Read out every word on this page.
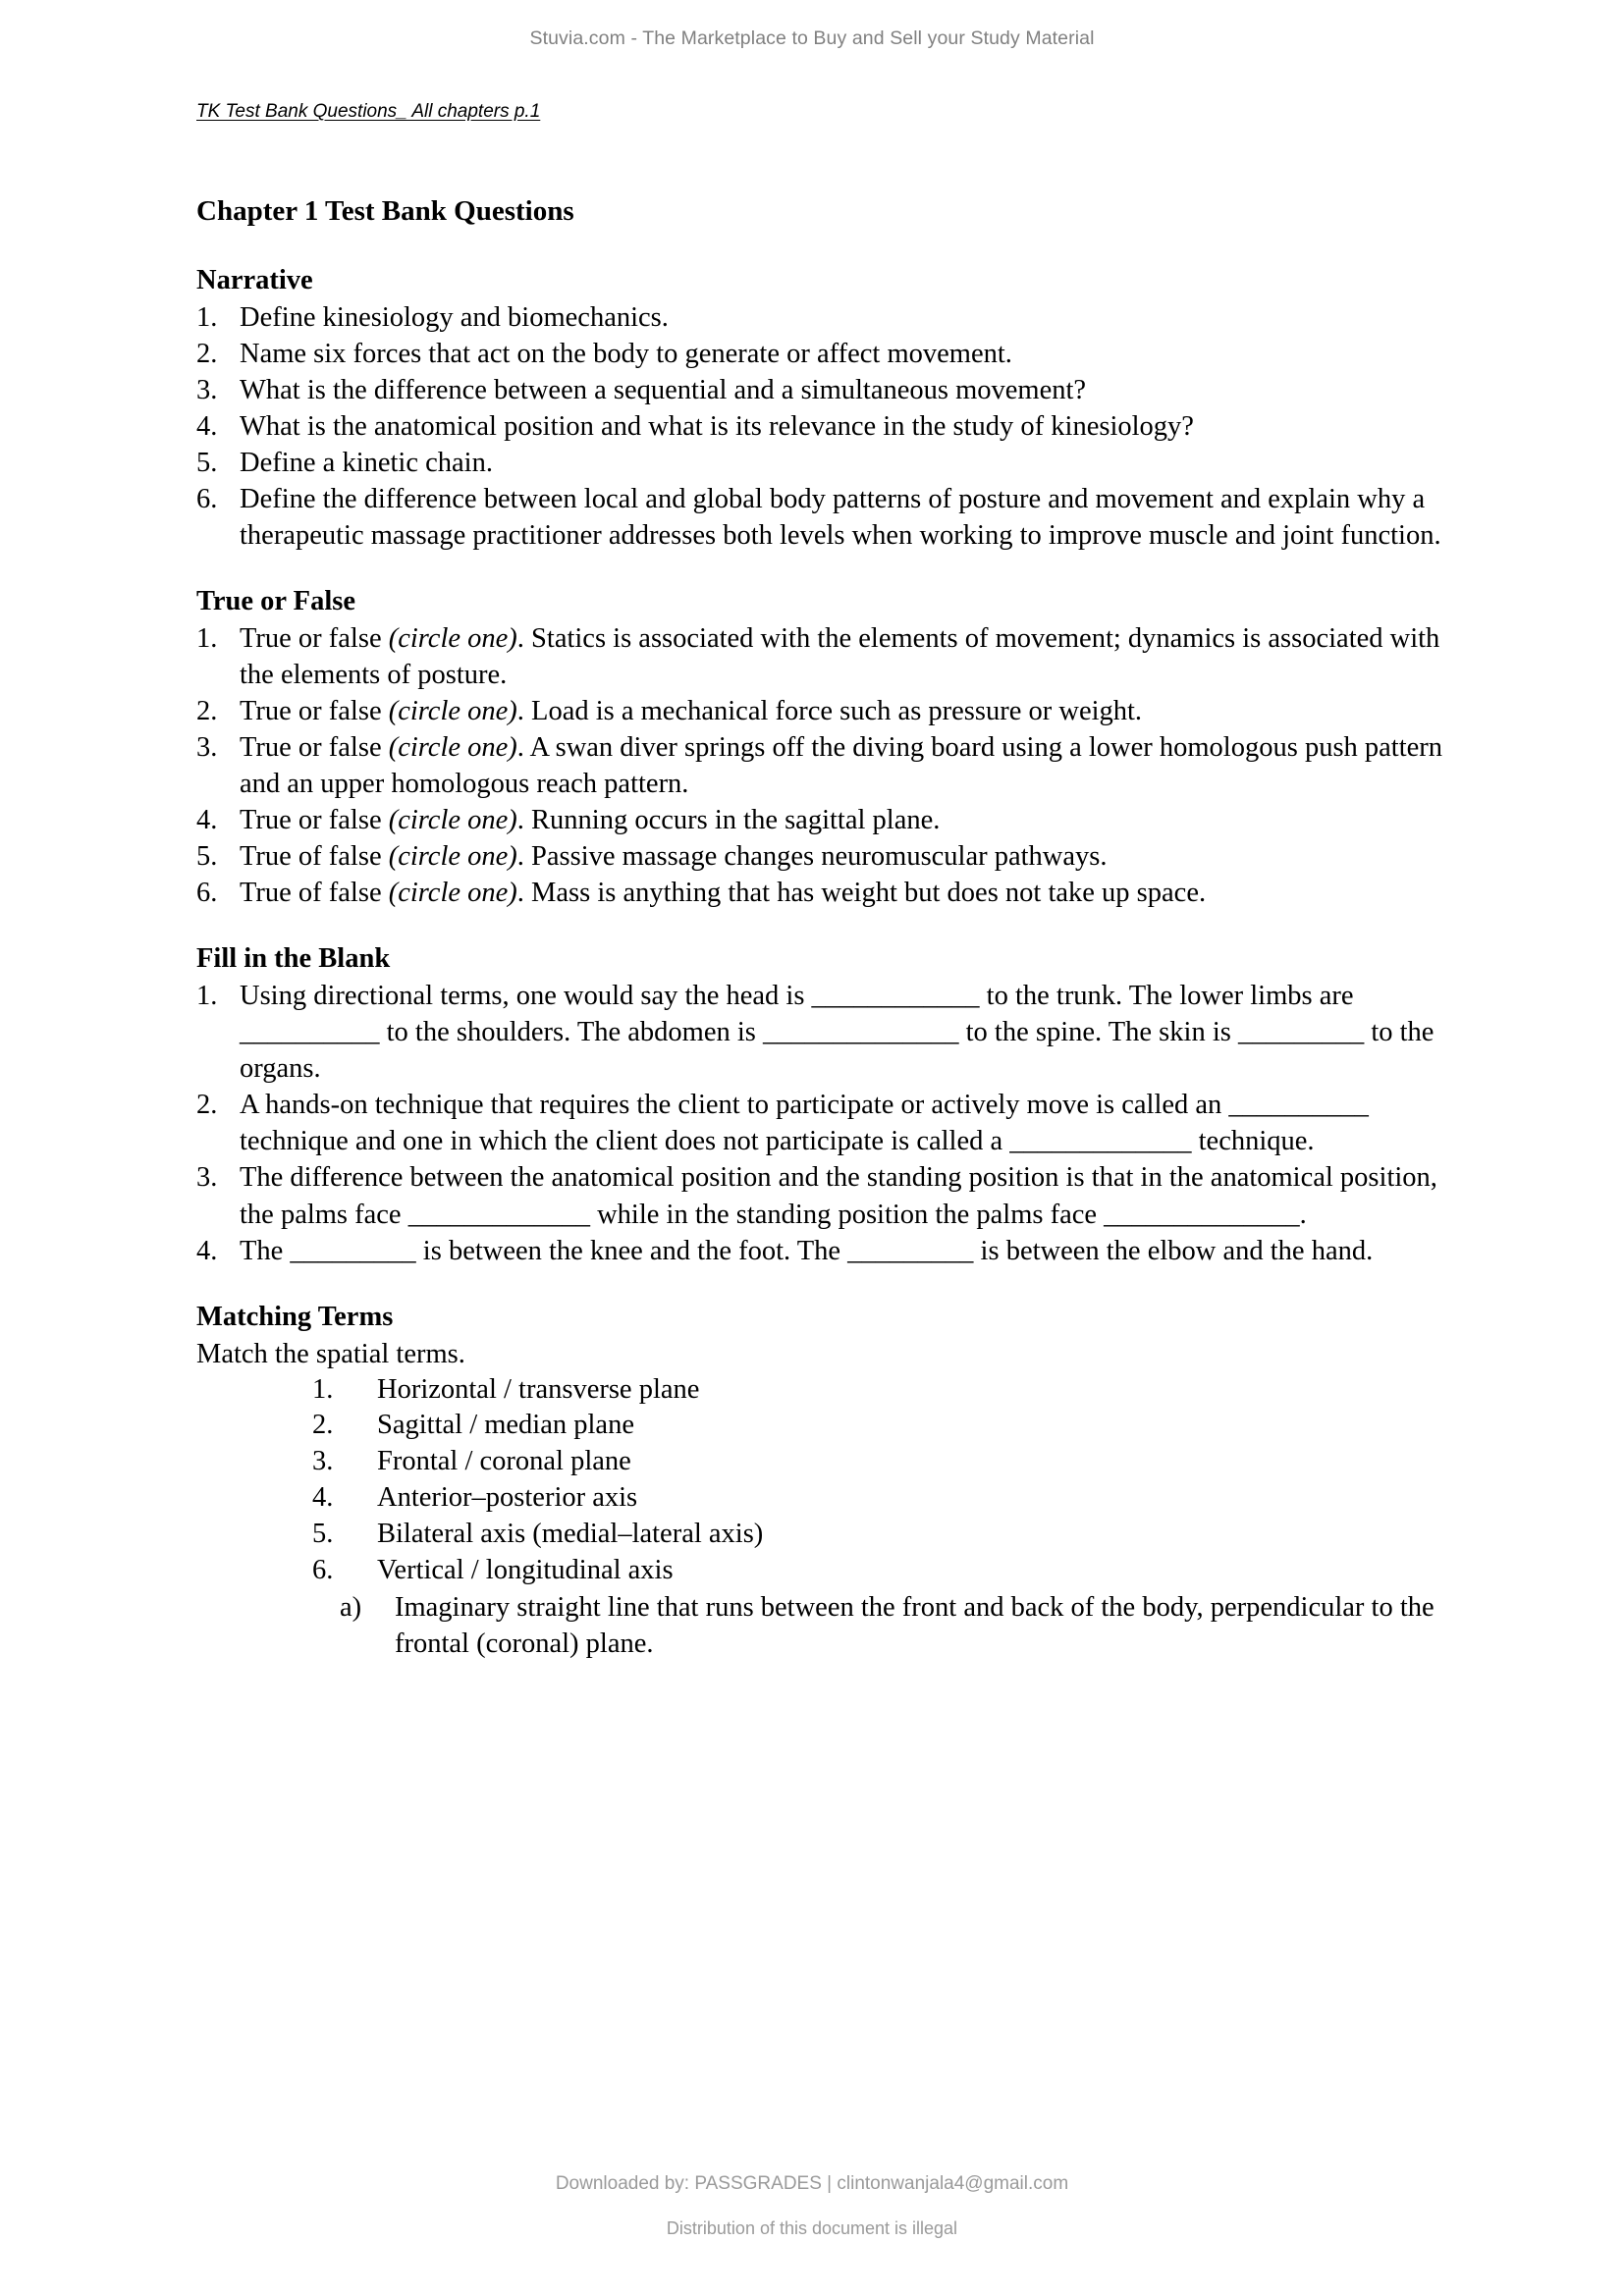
Stuvia.com - The Marketplace to Buy and Sell your Study Material
TK Test Bank Questions_ All chapters p.1
Chapter 1 Test Bank Questions
Narrative
1. Define kinesiology and biomechanics.
2. Name six forces that act on the body to generate or affect movement.
3. What is the difference between a sequential and a simultaneous movement?
4. What is the anatomical position and what is its relevance in the study of kinesiology?
5. Define a kinetic chain.
6. Define the difference between local and global body patterns of posture and movement and explain why a therapeutic massage practitioner addresses both levels when working to improve muscle and joint function.
True or False
1. True or false (circle one). Statics is associated with the elements of movement; dynamics is associated with the elements of posture.
2. True or false (circle one). Load is a mechanical force such as pressure or weight.
3. True or false (circle one). A swan diver springs off the diving board using a lower homologous push pattern and an upper homologous reach pattern.
4. True or false (circle one). Running occurs in the sagittal plane.
5. True of false (circle one). Passive massage changes neuromuscular pathways.
6. True of false (circle one). Mass is anything that has weight but does not take up space.
Fill in the Blank
1. Using directional terms, one would say the head is ____________ to the trunk. The lower limbs are __________ to the shoulders. The abdomen is ______________ to the spine. The skin is _________ to the organs.
2. A hands-on technique that requires the client to participate or actively move is called an __________ technique and one in which the client does not participate is called a _____________ technique.
3. The difference between the anatomical position and the standing position is that in the anatomical position, the palms face _____________ while in the standing position the palms face ______________.
4. The _________ is between the knee and the foot. The _________ is between the elbow and the hand.
Matching Terms

Match the spatial terms.

1. Horizontal / transverse plane
2. Sagittal / median plane
3. Frontal / coronal plane
4. Anterior–posterior axis
5. Bilateral axis (medial–lateral axis)
6. Vertical / longitudinal axis
a) Imaginary straight line that runs between the front and back of the body, perpendicular to the frontal (coronal) plane.
Downloaded by: PASSGRADES | clintonwanjala4@gmail.com
Distribution of this document is illegal
